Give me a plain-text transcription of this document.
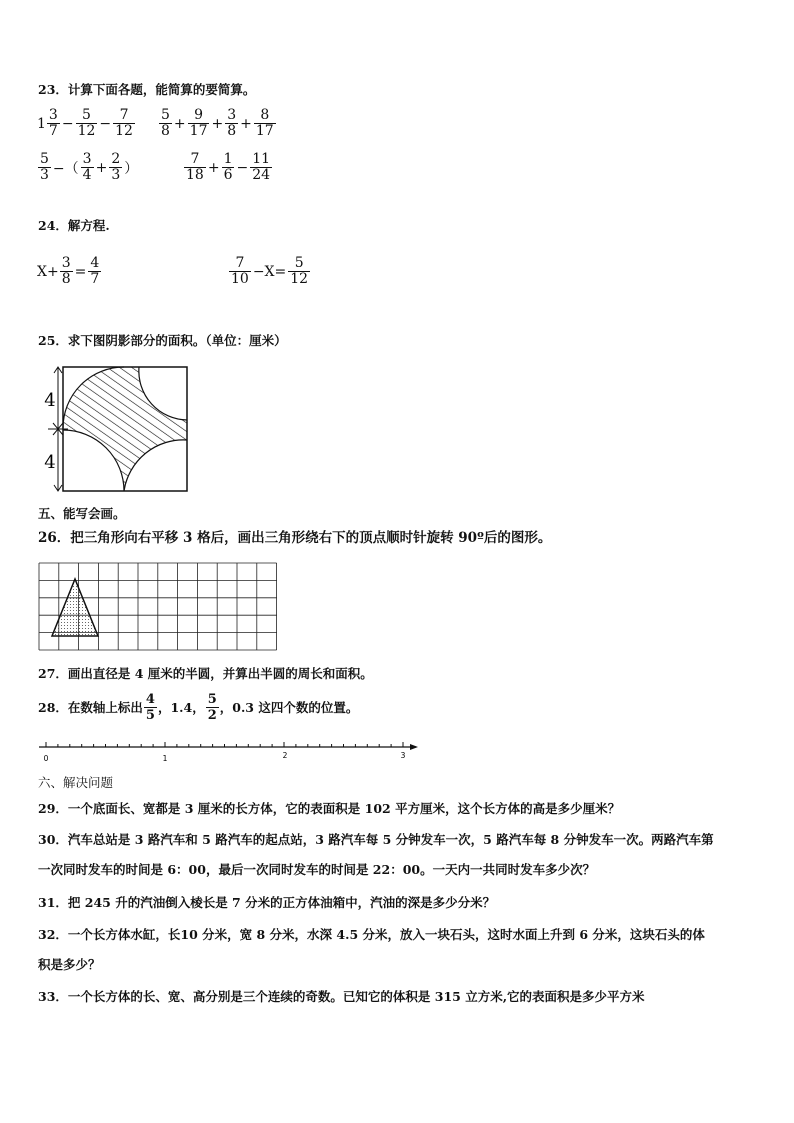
23．计算下面各题，能简算的要简算。
$1 \frac{3}{7} - \frac{5}{12} - \frac{7}{12} \frac{5}{8} + \frac{9}{17} + \frac{3}{8} + \frac{8}{17}$
$\frac{5}{3}$ −（ $\frac{3}{4} + \frac{2}{3}$ ）	$\frac{7}{18} + \frac{1}{6} - \frac{11}{24}$
24．解方程.
$X+ \frac{3}{8} = \frac{4}{7}$	$\frac{7}{10} -X= \frac{5}{12}$
25．求下图阴影部分的面积。（单位：厘米）
4
4
五、能写会画。
26．把三角形向右平移 3 格后，画出三角形绕右下的顶点顺时针旋转 90º后的图形。
27．画出直径是 4 厘米的半圆，并算出半圆的周长和面积。
28．在数轴上标出 $\frac{4}{5}$ ，1.4， $\frac{5}{2}$ ，0.3 这四个数的位置。
0	1	2	3
六、解决问题
29．一个底面长、宽都是 3 厘米的长方体，它的表面积是 102 平方厘米，这个长方体的高是多少厘米？
30．汽车总站是 3 路汽车和 5 路汽车的起点站，3 路汽车每 5 分钟发车一次，5 路汽车每 8 分钟发车一次。两路汽车第
一次同时发车的时间是 6：00，最后一次同时发车的时间是 22：00。一天内一共同时发车多少次？
31．把 245 升的汽油倒入棱长是 7 分米的正方体油箱中，汽油的深是多少分米？
32．一个长方体水缸，长10 分米，宽 8 分米，水深 4.5 分米，放入一块石头，这时水面上升到 6 分米，这块石头的体
积是多少？
33．一个长方体的长、宽、高分别是三个连续的奇数。已知它的体积是 315 立方米,它的表面积是多少平方米
